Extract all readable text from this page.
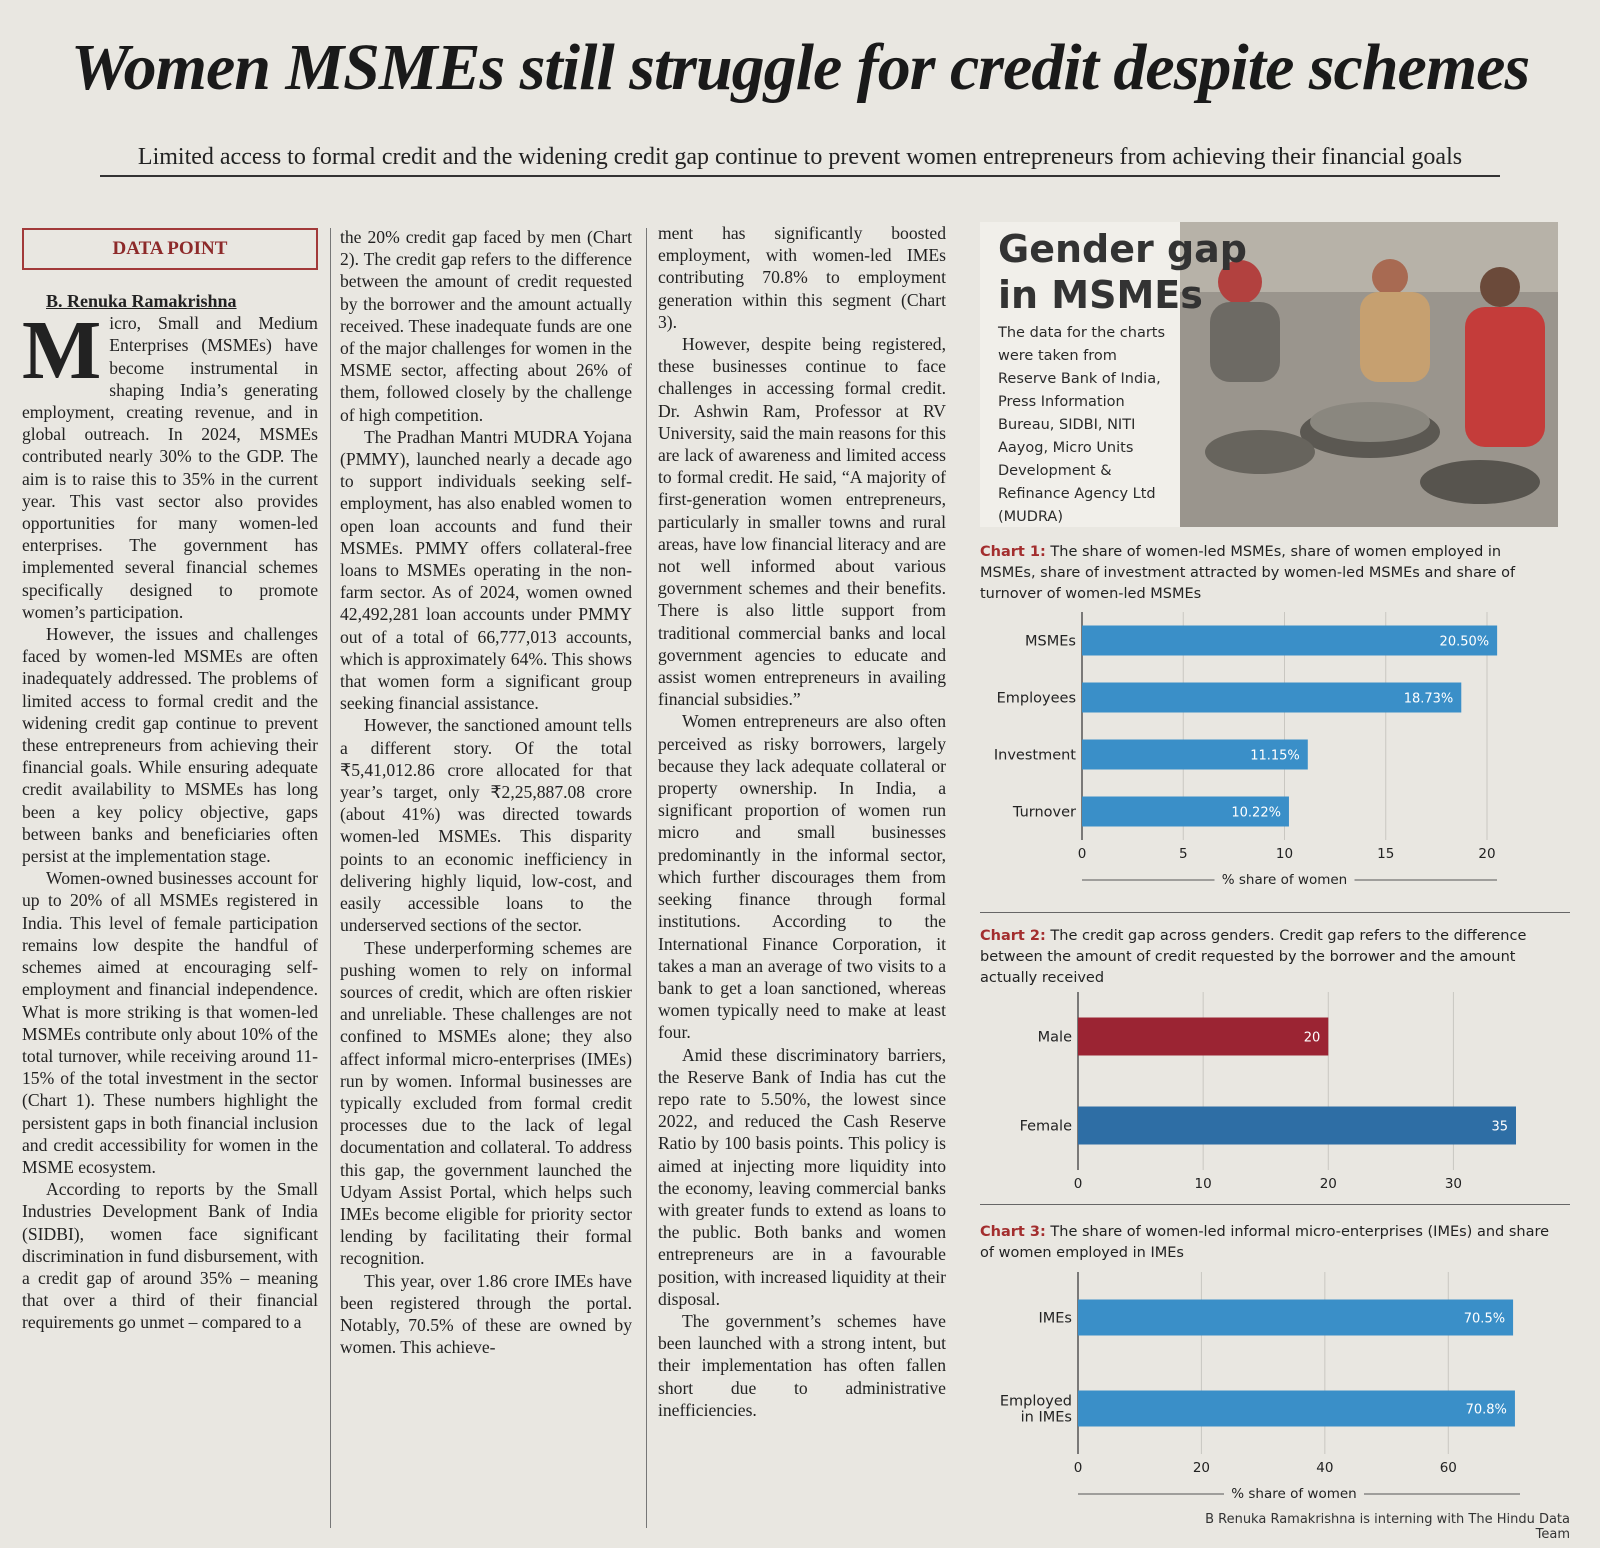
Women MSMEs still struggle for credit despite schemes

Limited access to formal credit and the widening credit gap continue to prevent women entrepreneurs from achieving their financial goals

DATA POINT

B. Renuka Ramakrishna

Micro, Small and Medium Enterprises (MSMEs) have become instrumental in shaping India’s generating employment, creating revenue, and in global outreach. In 2024, MSMEs contributed nearly 30% to the GDP. The aim is to raise this to 35% in the current year. This vast sector also provides opportunities for many women-led enterprises. The government has implemented several financial schemes specifically designed to promote women’s participation.

However, the issues and challenges faced by women-led MSMEs are often inadequately addressed. The problems of limited access to formal credit and the widening credit gap continue to prevent these entrepreneurs from achieving their financial goals. While ensuring adequate credit availability to MSMEs has long been a key policy objective, gaps between banks and beneficiaries often persist at the implementation stage.

Women-owned businesses account for up to 20% of all MSMEs registered in India. This level of female participation remains low despite the handful of schemes aimed at encouraging self-employment and financial independence. What is more striking is that women-led MSMEs contribute only about 10% of the total turnover, while receiving around 11-15% of the total investment in the sector (Chart 1). These numbers highlight the persistent gaps in both financial inclusion and credit accessibility for women in the MSME ecosystem.

According to reports by the Small Industries Development Bank of India (SIDBI), women face significant discrimination in fund disbursement, with a credit gap of around 35% – meaning that over a third of their financial requirements go unmet – compared to a

the 20% credit gap faced by men (Chart 2). The credit gap refers to the difference between the amount of credit requested by the borrower and the amount actually received. These inadequate funds are one of the major challenges for women in the MSME sector, affecting about 26% of them, followed closely by the challenge of high competition.

The Pradhan Mantri MUDRA Yojana (PMMY), launched nearly a decade ago to support individuals seeking self-employment, has also enabled women to open loan accounts and fund their MSMEs. PMMY offers collateral-free loans to MSMEs operating in the non-farm sector. As of 2024, women owned 42,492,281 loan accounts under PMMY out of a total of 66,777,013 accounts, which is approximately 64%. This shows that women form a significant group seeking financial assistance.

However, the sanctioned amount tells a different story. Of the total ₹5,41,012.86 crore allocated for that year’s target, only ₹2,25,887.08 crore (about 41%) was directed towards women-led MSMEs. This disparity points to an economic inefficiency in delivering highly liquid, low-cost, and easily accessible loans to the underserved sections of the sector.

These underperforming schemes are pushing women to rely on informal sources of credit, which are often riskier and unreliable. These challenges are not confined to MSMEs alone; they also affect informal micro-enterprises (IMEs) run by women. Informal businesses are typically excluded from formal credit processes due to the lack of legal documentation and collateral. To address this gap, the government launched the Udyam Assist Portal, which helps such IMEs become eligible for priority sector lending by facilitating their formal recognition.

This year, over 1.86 crore IMEs have been registered through the portal. Notably, 70.5% of these are owned by women. This achieve-

ment has significantly boosted employment, with women-led IMEs contributing 70.8% to employment generation within this segment (Chart 3).

However, despite being registered, these businesses continue to face challenges in accessing formal credit. Dr. Ashwin Ram, Professor at RV University, said the main reasons for this are lack of awareness and limited access to formal credit. He said, “A majority of first-generation women entrepreneurs, particularly in smaller towns and rural areas, have low financial literacy and are not well informed about various government schemes and their benefits. There is also little support from traditional commercial banks and local government agencies to educate and assist women entrepreneurs in availing financial subsidies.”

Women entrepreneurs are also often perceived as risky borrowers, largely because they lack adequate collateral or property ownership. In India, a significant proportion of women run micro and small businesses predominantly in the informal sector, which further discourages them from seeking finance through formal institutions. According to the International Finance Corporation, it takes a man an average of two visits to a bank to get a loan sanctioned, whereas women typically need to make at least four.

Amid these discriminatory barriers, the Reserve Bank of India has cut the repo rate to 5.50%, the lowest since 2022, and reduced the Cash Reserve Ratio by 100 basis points. This policy is aimed at injecting more liquidity into the economy, leaving commercial banks with greater funds to extend as loans to the public. Both banks and women entrepreneurs are in a favourable position, with increased liquidity at their disposal.

The government’s schemes have been launched with a strong intent, but their implementation has often fallen short due to administrative inefficiencies.

Gender gap
in MSMEs

The data for the charts were taken from Reserve Bank of India, Press Information Bureau, SIDBI, NITI Aayog, Micro Units Development & Refinance Agency Ltd (MUDRA)

Chart 1: The share of women-led MSMEs, share of women employed in MSMEs, share of investment attracted by women-led MSMEs and share of turnover of women-led MSMEs

MSMEs	20.50%
Employees	18.73%
Investment	11.15%
Turnover	10.22%
0	5	10	15	20
% share of women

Chart 2: The credit gap across genders. Credit gap refers to the difference between the amount of credit requested by the borrower and the amount actually received

Male	20
Female	35
0	10	20	30

Chart 3: The share of women-led informal micro-enterprises (IMEs) and share of women employed in IMEs

IMEs	70.5%
Employed
in IMEs	70.8%
0	20	40	60
% share of women

B Renuka Ramakrishna is interning with The Hindu Data Team
